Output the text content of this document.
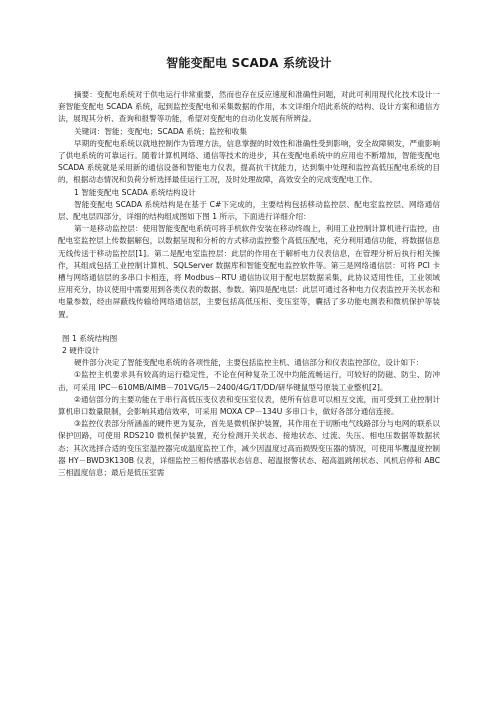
智能变配电 SCADA 系统设计

摘要：变配电系统对于供电运行非常重要，然而也存在反应速度和准确性问题，对此可利用现代化技术设计一套智能变配电 SCADA 系统，起到监控变配电和采集数据的作用，本文详细介绍此系统的结构、设计方案和通信方法，展现其分析、查询和报警等功能，希望对变配电的自动化发展有所辨益。

关键词：智能；变配电；SCADA 系统；监控和收集

早期的变配电系统以就地控制作为管理方法，信息掌握的时效性和准确性受到影响，安全故障频发，严重影响了供电系统的可靠运行。随着计算机网络、通信等技术的进步，其在变配电系统中的应用也不断增加，智能变配电 SCADA 系统就是采用新的通信设备和智能电力仪表，提高抗干扰能力，达到集中处理和监控高低压配电系统的目的，根据动态情况和负荷分析选择最佳运行工况，及时处理故障，高效安全的完成变配电工作。

1 智能变配电 SCADA 系统结构设计

智能变配电 SCADA 系统结构是在基于 C#下完成的，主要结构包括移动监控层、配电室监控层、网络通信层、配电层四部分，详细的结构组成图如下图 1 所示，下面进行详细介绍：

第一是移动监控层：使用智能变配电系统可将手机软件安装在移动终端上，利用工业控制计算机进行监控，由配电室监控层上传数据解包，以数据呈现和分析的方式移动监控整个高低压配电，充分利用通信功能，将数据信息无线传送于移动监控层[1]。第二是配电室监控层：此层的作用在于解析电力仪表信息，在管理分析后执行相关操作，其组成包括工业控制计算机、SQLServer 数据库和智能变配电监控软件等。第三是网络通信层：可将 PCI 卡槽与网络通信层的多串口卡相连，将 Modbus－RTU 通信协议用于配电层数据采集，此协议适用性佳，工业领域应用充分，协议使用中需要用到各类仪表的数据、参数。第四是配电层：此层可通过各种电力仪表监控开关状态和电量参数，经由屏蔽线传输给网络通信层，主要包括高低压柜、变压室等，囊括了多功能电测表和微机保护等装置。

图 1 系统结构图

2 硬件设计

硬件部分决定了智能变配电系统的各项性能，主要包括监控主机、通信部分和仪表监控部位，设计如下：

①监控主机要求具有较高的运行稳定性，不论在何种复杂工况中均能流畅运行，可较好的防磁、防尘、防冲击，可采用 IPC－610MB/AIMB－701VG/I5－2400/4G/1T/DD/研华键鼠型号原装工业整机[2]。

②通信部分的主要功能在于串行高低压变仪表和变压室仪表，使所有信息可以相互交流，而可受到工业控制计算机串口数量限制，会影响其通信效率，可采用 MOXA CP－134U 多串口卡，做好各部分通信连接。

③监控仪表部分所涵盖的硬件更为复杂，首先是微机保护装置，其作用在于切断电气线路部分与电网的联系以保护回路，可使用 RDS210 微机保护装置，充分检测开关状态、接地状态、过流、失压、相电压数据等数据状态；其次选择合适的变压室温控器完成温度监控工作，减少因温度过高而损毁变压器的情况，可使用华鹰温度控制器 HY－BWD3K130B 仪表，详细监控三相传感器状态信息、超温报警状态、超高温跳闸状态、风机启停和 ABC 三相温度信息；最后是低压室需
